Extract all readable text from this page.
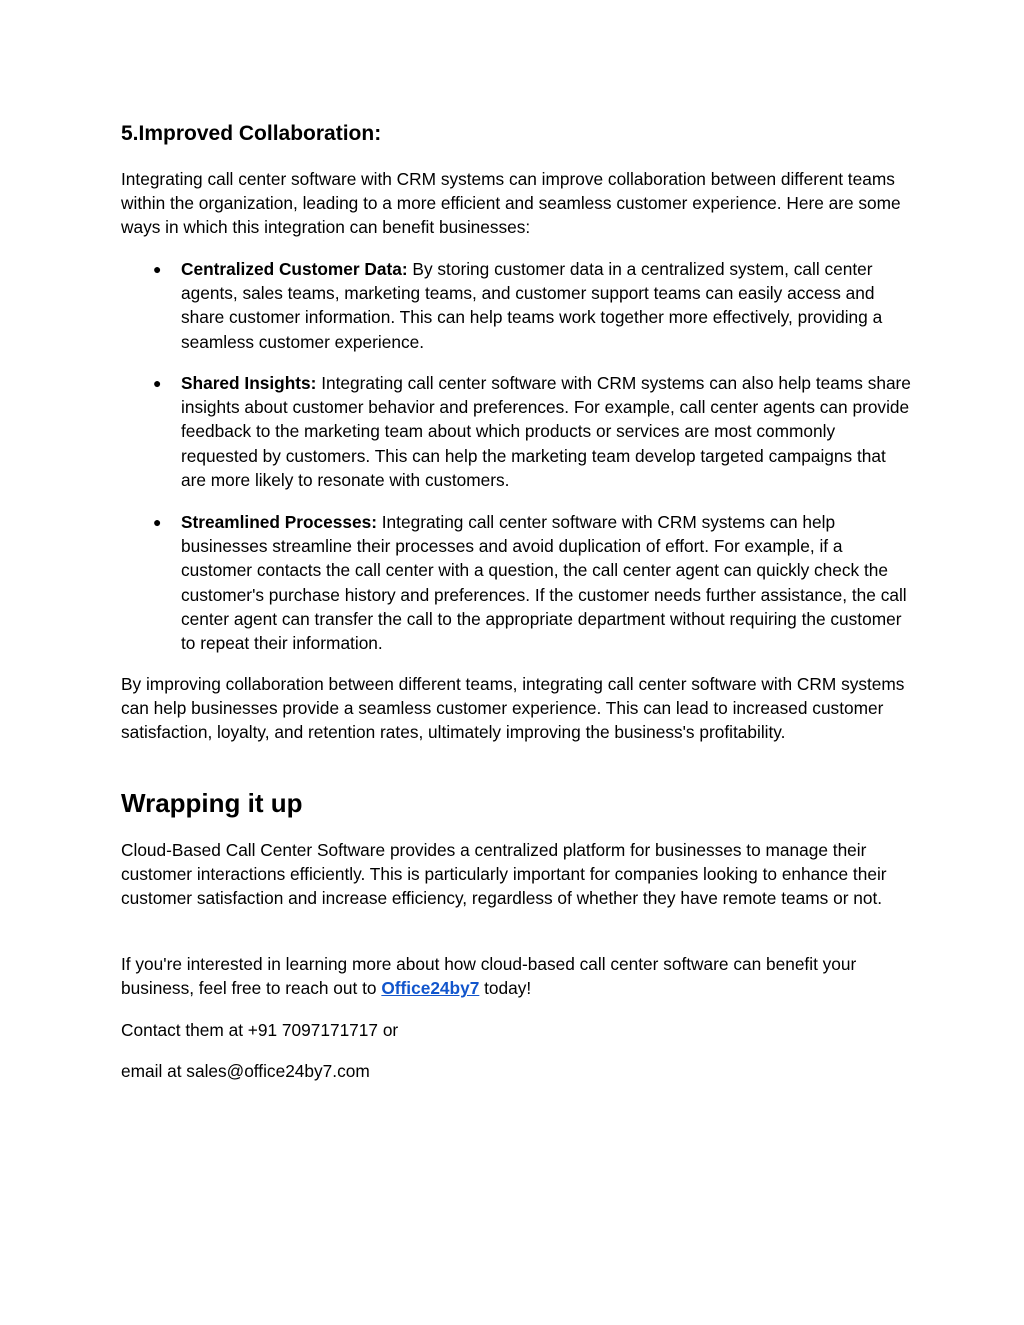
5.Improved Collaboration:

Integrating call center software with CRM systems can improve collaboration between different teams within the organization, leading to a more efficient and seamless customer experience. Here are some ways in which this integration can benefit businesses:

● Centralized Customer Data: By storing customer data in a centralized system, call center agents, sales teams, marketing teams, and customer support teams can easily access and share customer information. This can help teams work together more effectively, providing a seamless customer experience.
● Shared Insights: Integrating call center software with CRM systems can also help teams share insights about customer behavior and preferences. For example, call center agents can provide feedback to the marketing team about which products or services are most commonly requested by customers. This can help the marketing team develop targeted campaigns that are more likely to resonate with customers.
● Streamlined Processes: Integrating call center software with CRM systems can help businesses streamline their processes and avoid duplication of effort. For example, if a customer contacts the call center with a question, the call center agent can quickly check the customer's purchase history and preferences. If the customer needs further assistance, the call center agent can transfer the call to the appropriate department without requiring the customer to repeat their information.

By improving collaboration between different teams, integrating call center software with CRM systems can help businesses provide a seamless customer experience. This can lead to increased customer satisfaction, loyalty, and retention rates, ultimately improving the business's profitability.

Wrapping it up

Cloud-Based Call Center Software provides a centralized platform for businesses to manage their customer interactions efficiently. This is particularly important for companies looking to enhance their customer satisfaction and increase efficiency, regardless of whether they have remote teams or not.

If you're interested in learning more about how cloud-based call center software can benefit your business, feel free to reach out to Office24by7 today!

Contact them at +91 7097171717 or

email at sales@office24by7.com
